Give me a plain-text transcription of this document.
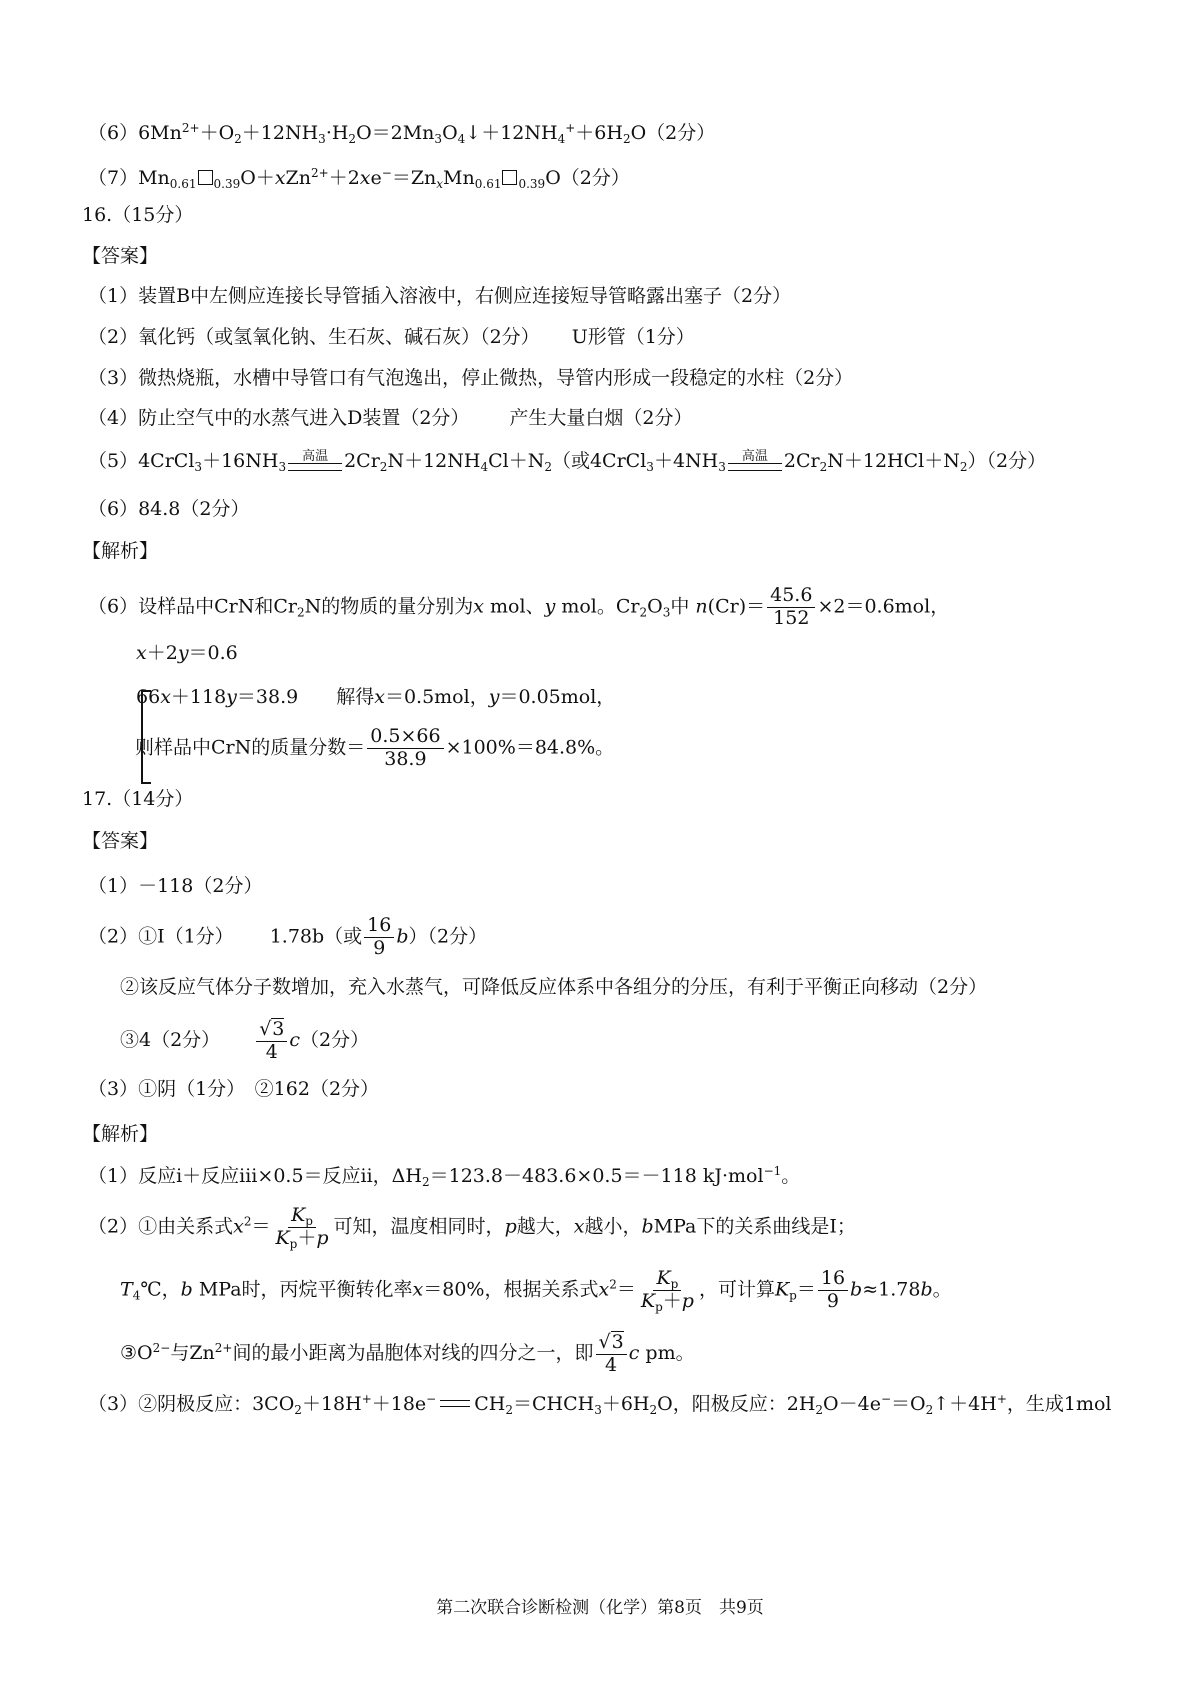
$(6)6Mn^{2+}+O_2+12NH_3\cdot H_2O=2Mn_3O_4↓+12NH_4^++6H_2O(2$分）
$(7)Mn_{0.61}$ $_{0.39}O+xZn^{2+}+2xe^-=Zn_xMn_{0.61}$ $_{0.39}$O（2分）
16.（15分）
【答案】
（1）装置B中左侧应连接长导管插入溶液中，右侧应连接短导管略露出塞子（2分）
（2）氧化钙（或氢氧化钠、生石灰、碱石灰）（2分） U形管（1分）
（3）微热烧瓶，水槽中导管口有气泡逸出，停止微热，导管内形成一段稳定的水柱（2分）
（4）防止空气中的水蒸气进入D装置（2分） 产生大量白烟（2分）
$(5)4CrCl_3+16NH_3$
高温 $2Cr_2N+12NH_4Cl+N_2$（或$4CrCl_3+4NH_3$
高温 $2Cr_2N+12HCl+N_2)(2$分）
（6）84.8（2分）
【解析】
（6）设样品中CrN和$Cr_2N$的物质的量分别为x mol、y mol。$Cr_2O_3$中 $n(Cr)= \frac{45.6}{152} \times 2=0.6mol$，
x＋2y＝0.6
66x＋118y＝38.9 解得x＝0.5mol，y＝0.05mol，
则样品中CrN的质量分数＝ $\frac{0.5\times 66}{38.9} \times 100\%=84.8\%$。
17.（14分）
【答案】
（1）－118（2分）
（2）①Ⅰ（1分） 1.78b（或 $\frac{16}{9} b)(2$分）
②该反应气体分子数增加，充入水蒸气，可降低反应体系中各组分的分压，有利于平衡正向移动（2分）
③4（2分） $\frac{√3}{4} c(2$分）
（3）①阴（1分）　②162（2分）
【解析】
（1）反应ⅰ＋反应ⅲ×0.5＝反应ⅱ，$\Delta H_2=123.8-483.6\times 0.5=-118$ kJ·mol$^{-1}$。
（2）①由关系式$x^2= \frac{K_p}{K_p+p}$ 可知，温度相同时，p越大，x越小，bMPa下的关系曲线是Ⅰ；
$T_4℃$，b MPa时，丙烷平衡转化率x＝80%，根据关系式$x^2= \frac{K_p}{K_p+p}$ ，可计算$K_p= \frac{16}{9} b\approx 1.78b$。
$③O^{2-}$与$Zn^{2+}$间的最小距离为晶胞体对线的四分之一，即 $\frac{√3}{4}$ c pm。
（3）②阴极反应：$3CO_2+18H^++18e^-$ $CH_2=CHCH_3+6H_2O$，阳极反应：$2H_2O-4e^-=O_2↑+4H^+$，生成1mol
第二次联合诊断检测（化学）第8页　共9页
